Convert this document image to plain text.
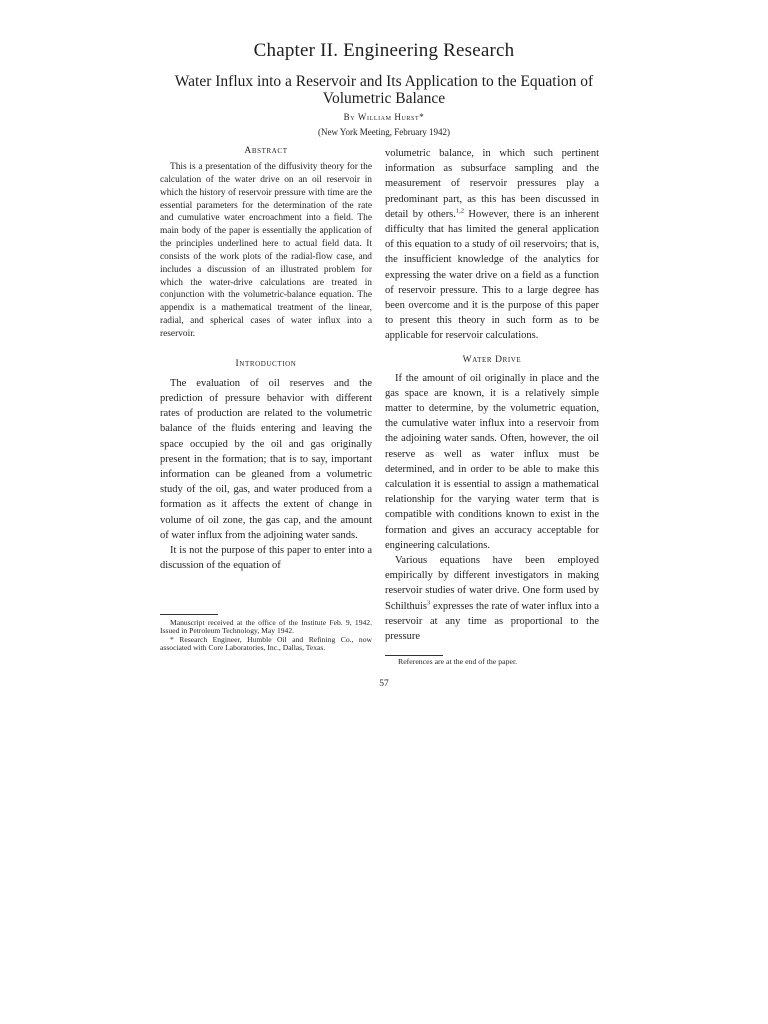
Chapter II. Engineering Research
Water Influx into a Reservoir and Its Application to the Equation of Volumetric Balance
By William Hurst*
(New York Meeting, February 1942)
Abstract

This is a presentation of the diffusivity theory for the calculation of the water drive on an oil reservoir in which the history of reservoir pressure with time are the essential parameters for the determination of the rate and cumulative water encroachment into a field. The main body of the paper is essentially the application of the principles underlined here to actual field data. It consists of the work plots of the radial-flow case, and includes a discussion of an illustrated problem for which the water-drive calculations are treated in conjunction with the volumetric-balance equation. The appendix is a mathematical treatment of the linear, radial, and spherical cases of water influx into a reservoir.

Introduction

The evaluation of oil reserves and the prediction of pressure behavior with different rates of production are related to the volumetric balance of the fluids entering and leaving the space occupied by the oil and gas originally present in the formation; that is to say, important information can be gleaned from a volumetric study of the oil, gas, and water produced from a formation as it affects the extent of change in volume of oil zone, the gas cap, and the amount of water influx from the adjoining water sands.

It is not the purpose of this paper to enter into a discussion of the equation of

Manuscript received at the office of the Institute Feb. 9, 1942. Issued in Petroleum Technology, May 1942.

* Research Engineer, Humble Oil and Refining Co., now associated with Core Laboratories, Inc., Dallas, Texas.

volumetric balance, in which such pertinent information as subsurface sampling and the measurement of reservoir pressures play a predominant part, as this has been discussed in detail by others.$^{1,2}$ However, there is an inherent difficulty that has limited the general application of this equation to a study of oil reservoirs; that is, the insufficient knowledge of the analytics for expressing the water drive on a field as a function of reservoir pressure. This to a large degree has been overcome and it is the purpose of this paper to present this theory in such form as to be applicable for reservoir calculations.

Water Drive

If the amount of oil originally in place and the gas space are known, it is a relatively simple matter to determine, by the volumetric equation, the cumulative water influx into a reservoir from the adjoining water sands. Often, however, the oil reserve as well as water influx must be determined, and in order to be able to make this calculation it is essential to assign a mathematical relationship for the varying water term that is compatible with conditions known to exist in the formation and gives an accuracy acceptable for engineering calculations.

Various equations have been employed empirically by different investigators in making reservoir studies of water drive. One form used by Schilthuis$^3$ expresses the rate of water influx into a reservoir at any time as proportional to the pressure

References are at the end of the paper.
57
